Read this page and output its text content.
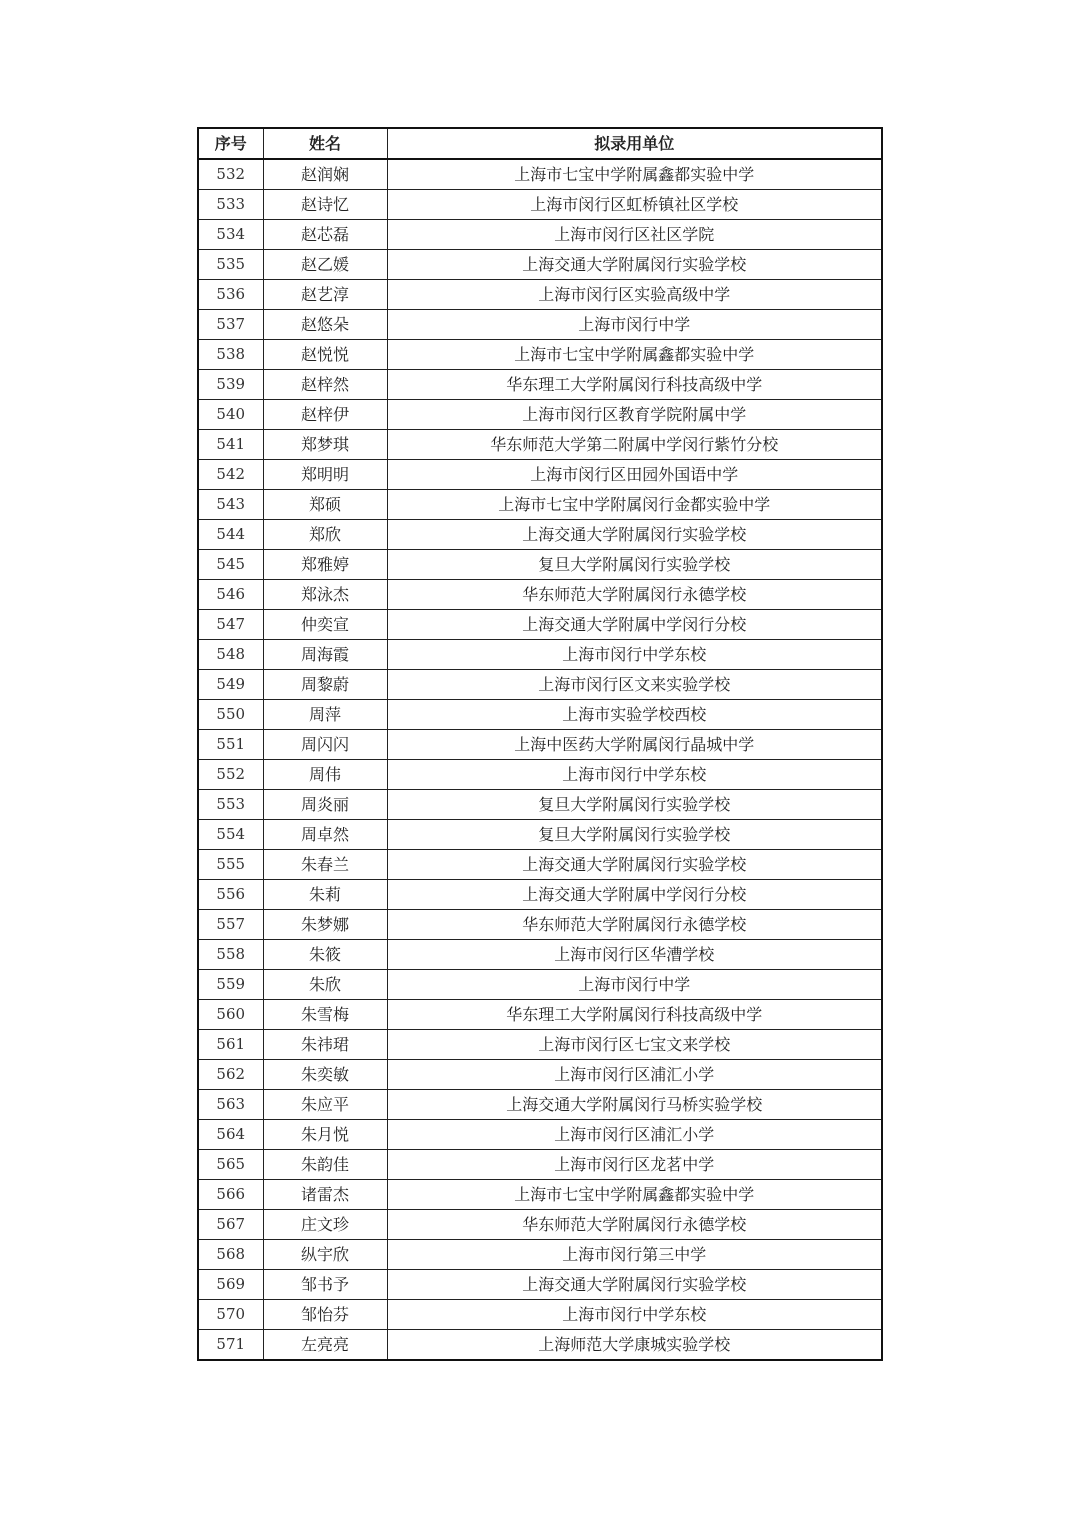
序号	姓名	拟录用单位
532	赵润娴	上海市七宝中学附属鑫都实验中学
533	赵诗忆	上海市闵行区虹桥镇社区学校
534	赵芯磊	上海市闵行区社区学院
535	赵乙媛	上海交通大学附属闵行实验学校
536	赵艺淳	上海市闵行区实验高级中学
537	赵悠朵	上海市闵行中学
538	赵悦悦	上海市七宝中学附属鑫都实验中学
539	赵梓然	华东理工大学附属闵行科技高级中学
540	赵梓伊	上海市闵行区教育学院附属中学
541	郑梦琪	华东师范大学第二附属中学闵行紫竹分校
542	郑明明	上海市闵行区田园外国语中学
543	郑硕	上海市七宝中学附属闵行金都实验中学
544	郑欣	上海交通大学附属闵行实验学校
545	郑雅婷	复旦大学附属闵行实验学校
546	郑泳杰	华东师范大学附属闵行永德学校
547	仲奕宣	上海交通大学附属中学闵行分校
548	周海霞	上海市闵行中学东校
549	周黎蔚	上海市闵行区文来实验学校
550	周萍	上海市实验学校西校
551	周闪闪	上海中医药大学附属闵行晶城中学
552	周伟	上海市闵行中学东校
553	周炎丽	复旦大学附属闵行实验学校
554	周卓然	复旦大学附属闵行实验学校
555	朱春兰	上海交通大学附属闵行实验学校
556	朱莉	上海交通大学附属中学闵行分校
557	朱梦娜	华东师范大学附属闵行永德学校
558	朱筱	上海市闵行区华漕学校
559	朱欣	上海市闵行中学
560	朱雪梅	华东理工大学附属闵行科技高级中学
561	朱祎珺	上海市闵行区七宝文来学校
562	朱奕敏	上海市闵行区浦汇小学
563	朱应平	上海交通大学附属闵行马桥实验学校
564	朱月悦	上海市闵行区浦汇小学
565	朱韵佳	上海市闵行区龙茗中学
566	诸雷杰	上海市七宝中学附属鑫都实验中学
567	庄文珍	华东师范大学附属闵行永德学校
568	纵宇欣	上海市闵行第三中学
569	邹书予	上海交通大学附属闵行实验学校
570	邹怡芬	上海市闵行中学东校
571	左亮亮	上海师范大学康城实验学校
